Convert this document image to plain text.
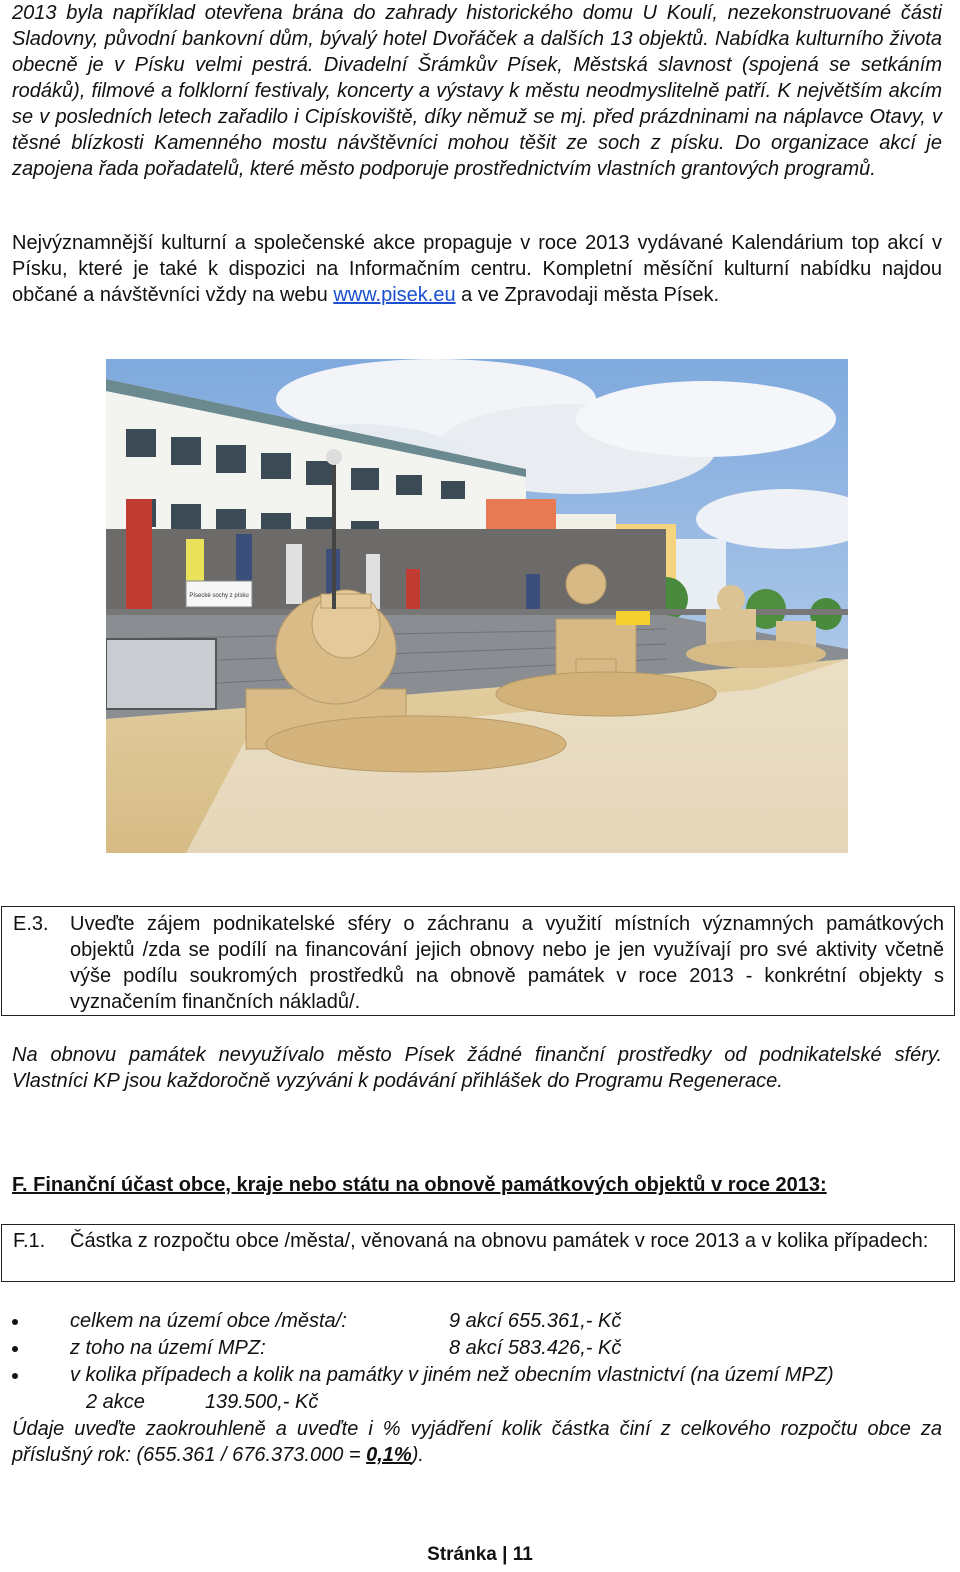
2013 byla například otevřena brána do zahrady historického domu U Koulí, nezekonstruované části Sladovny, původní bankovní dům, bývalý hotel Dvořáček a dalších 13 objektů. Nabídka kulturního života obecně je v Písku velmi pestrá. Divadelní Šrámkův Písek, Městská slavnost (spojená se setkáním rodáků), filmové a folklorní festivaly, koncerty a výstavy k městu neodmyslitelně patří. K největším akcím se v posledních letech zařadilo i Cipískoviště, díky němuž se mj. před prázdninami na náplavce Otavy, v těsné blízkosti Kamenného mostu návštěvníci mohou těšit ze soch z písku. Do organizace akcí je zapojena řada pořadatelů, které město podporuje prostřednictvím vlastních grantových programů.

Nejvýznamnější kulturní a společenské akce propaguje v roce 2013 vydávané Kalendárium top akcí v Písku, které je také k dispozici na Informačním centru. Kompletní měsíční kulturní nabídku najdou občané a návštěvníci vždy na webu www.pisek.eu a ve Zpravodaji města Písek.

Písecké sochy z písku
E.3. Uveďte zájem podnikatelské sféry o záchranu a využití místních významných památkových objektů /zda se podílí na financování jejich obnovy nebo je jen využívají pro své aktivity včetně výše podílu soukromých prostředků na obnově památek v roce 2013 - konkrétní objekty s vyznačením finančních nákladů/.

Na obnovu památek nevyužívalo město Písek žádné finanční prostředky od podnikatelské sféry. Vlastníci KP jsou každoročně vyzýváni k podávání přihlášek do Programu Regenerace.

F. Finanční účast obce, kraje nebo státu na obnově památkových objektů v roce 2013:
F.1. Částka z rozpočtu obce /města/, věnovaná na obnovu památek v roce 2013 a v kolika případech:
celkem na území obce /města/:	9 akcí 655.361,- Kč
z toho na území MPZ:	8 akcí 583.426,- Kč
v kolika případech a kolik na památky v jiném než obecním vlastnictví (na území MPZ)
2 akce	139.500,- Kč
Údaje uveďte zaokrouhleně a uveďte i % vyjádření kolik částka činí z celkového rozpočtu obce za příslušný rok: (655.361 / 676.373.000 = 0,1%).
Stránka | 11
